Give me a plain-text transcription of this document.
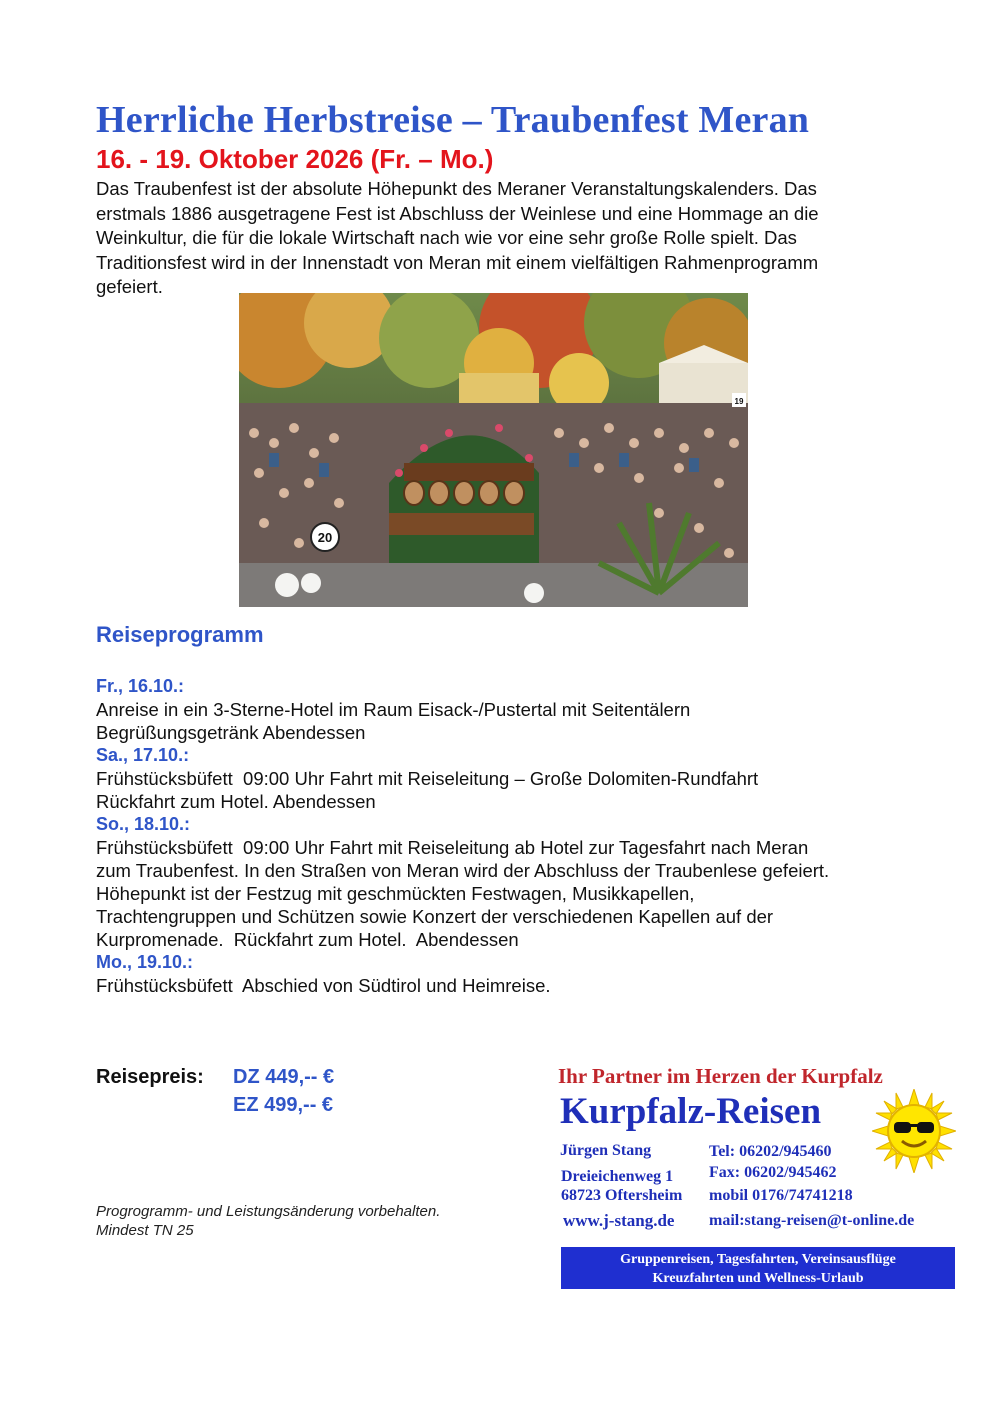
Herrliche Herbstreise – Traubenfest Meran
16. - 19. Oktober 2026 (Fr. – Mo.)
Das Traubenfest ist der absolute Höhepunkt des Meraner Veranstaltungskalenders. Das
erstmals 1886 ausgetragene Fest ist Abschluss der Weinlese und eine Hommage an die
Weinkultur, die für die lokale Wirtschaft nach wie vor eine sehr große Rolle spielt. Das
Traditionsfest wird in der Innenstadt von Meran mit einem vielfältigen Rahmenprogramm
gefeiert.
20
19
Reiseprogramm
Fr., 16.10.:
Anreise in ein 3-Sterne-Hotel im Raum Eisack-/Pustertal mit Seitentälern
Begrüßungsgetränk Abendessen
Sa., 17.10.:
Frühstücksbüfett  09:00 Uhr Fahrt mit Reiseleitung – Große Dolomiten-Rundfahrt
Rückfahrt zum Hotel. Abendessen
So., 18.10.:
Frühstücksbüfett  09:00 Uhr Fahrt mit Reiseleitung ab Hotel zur Tagesfahrt nach Meran
zum Traubenfest. In den Straßen von Meran wird der Abschluss der Traubenlese gefeiert.
Höhepunkt ist der Festzug mit geschmückten Festwagen, Musikkapellen,
Trachtengruppen und Schützen sowie Konzert der verschiedenen Kapellen auf der
Kurpromenade.  Rückfahrt zum Hotel.  Abendessen
Mo., 19.10.:
Frühstücksbüfett  Abschied von Südtirol und Heimreise.
Reisepreis: DZ 449,-- €
EZ 499,-- €
Progrogramm- und Leistungsänderung vorbehalten.
Mindest TN 25
Ihr Partner im Herzen der Kurpfalz
Kurpfalz-Reisen
Jürgen Stang
Dreieichenweg 1
68723 Oftersheim
www.j-stang.de
Tel: 06202/945460
Fax: 06202/945462
mobil 0176/74741218
mail:stang-reisen@t-online.de
Gruppenreisen, Tagesfahrten, Vereinsausflüge
Kreuzfahrten und Wellness-Urlaub
